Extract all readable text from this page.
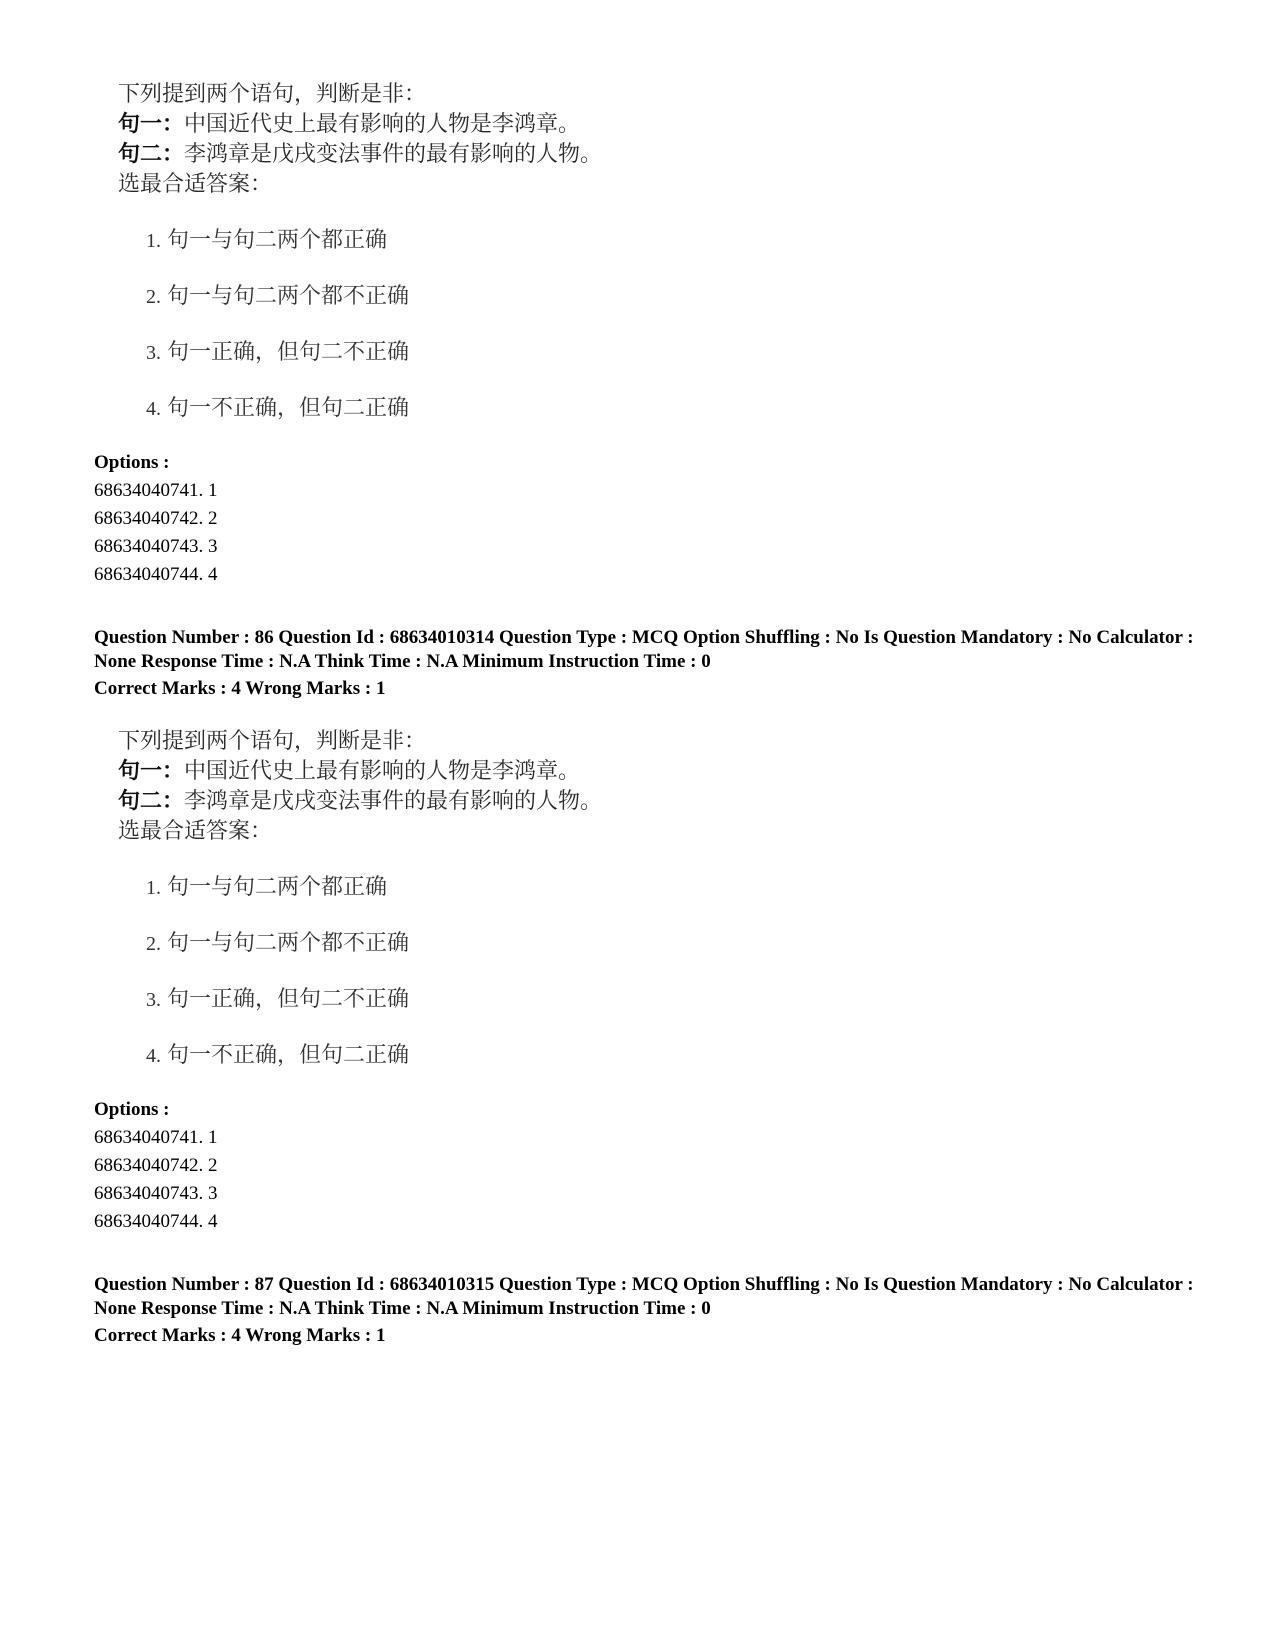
下列提到两个语句，判断是非：
句一：中国近代史上最有影响的人物是李鸿章。
句二：李鸿章是戊戌变法事件的最有影响的人物。
选最合适答案：
1. 句一与句二两个都正确
2. 句一与句二两个都不正确
3. 句一正确，但句二不正确
4. 句一不正确，但句二正确
Options :
68634040741. 1
68634040742. 2
68634040743. 3
68634040744. 4
Question Number : 86 Question Id : 68634010314 Question Type : MCQ Option Shuffling : No Is Question Mandatory : No Calculator : None Response Time : N.A Think Time : N.A Minimum Instruction Time : 0
Correct Marks : 4 Wrong Marks : 1
下列提到两个语句，判断是非：
句一：中国近代史上最有影响的人物是李鸿章。
句二：李鸿章是戊戌变法事件的最有影响的人物。
选最合适答案：
1. 句一与句二两个都正确
2. 句一与句二两个都不正确
3. 句一正确，但句二不正确
4. 句一不正确，但句二正确
Options :
68634040741. 1
68634040742. 2
68634040743. 3
68634040744. 4
Question Number : 87 Question Id : 68634010315 Question Type : MCQ Option Shuffling : No Is Question Mandatory : No Calculator : None Response Time : N.A Think Time : N.A Minimum Instruction Time : 0
Correct Marks : 4 Wrong Marks : 1
